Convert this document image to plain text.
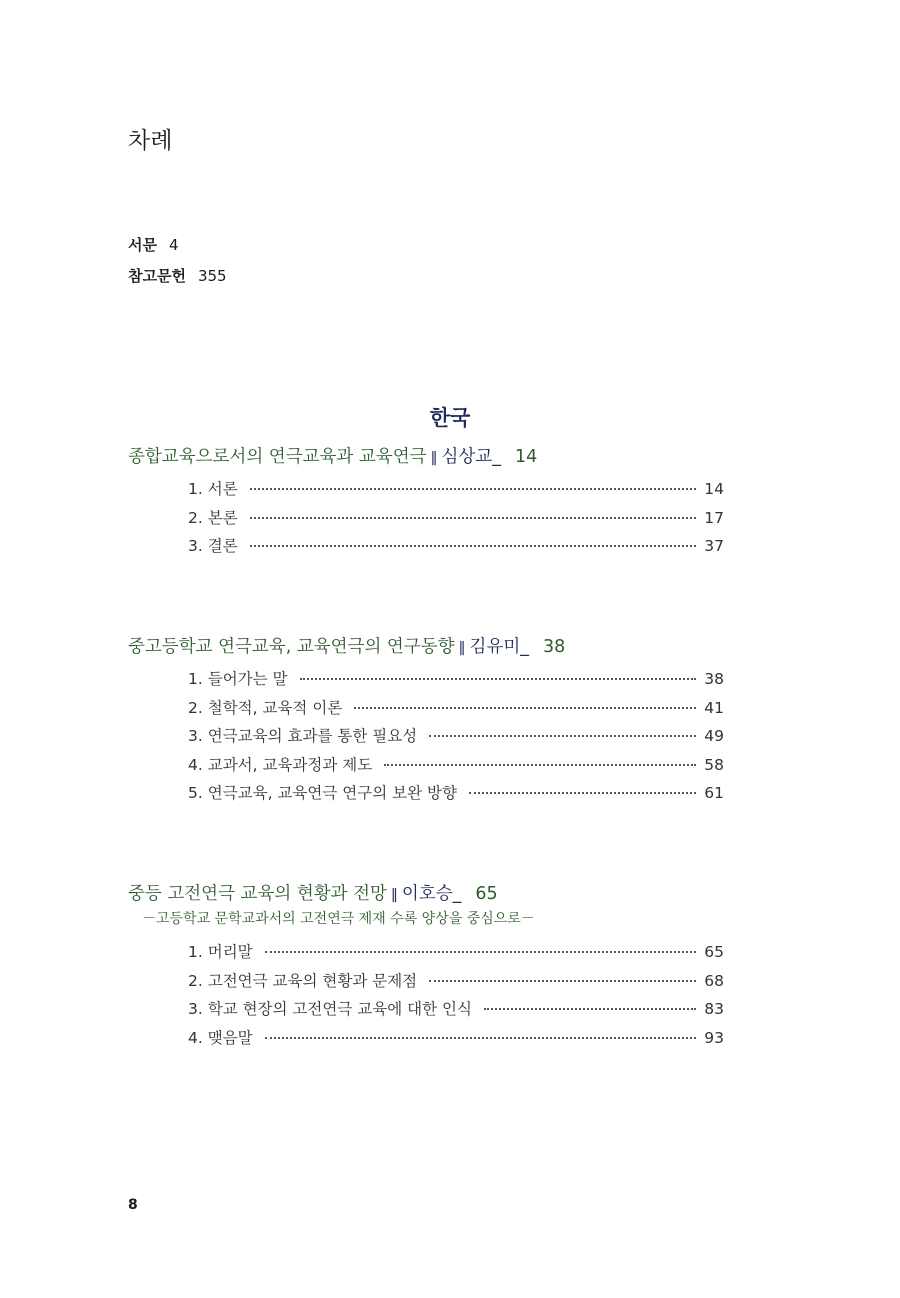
차례
서문 4
참고문헌 355
한국
종합교육으로서의 연극교육과 교육연극 ‖ 심상교_ 14
1. 서론	14
2. 본론	17
3. 결론	37
중고등학교 연극교육, 교육연극의 연구동향 ‖ 김유미_ 38
1. 들어가는 말	38
2. 철학적, 교육적 이론	41
3. 연극교육의 효과를 통한 필요성	49
4. 교과서, 교육과정과 제도	58
5. 연극교육, 교육연극 연구의 보완 방향	61
중등 고전연극 교육의 현황과 전망 ‖ 이호승_ 65
－고등학교 문학교과서의 고전연극 제재 수록 양상을 중심으로－
1. 머리말	65
2. 고전연극 교육의 현황과 문제점	68
3. 학교 현장의 고전연극 교육에 대한 인식	83
4. 맺음말	93
8
